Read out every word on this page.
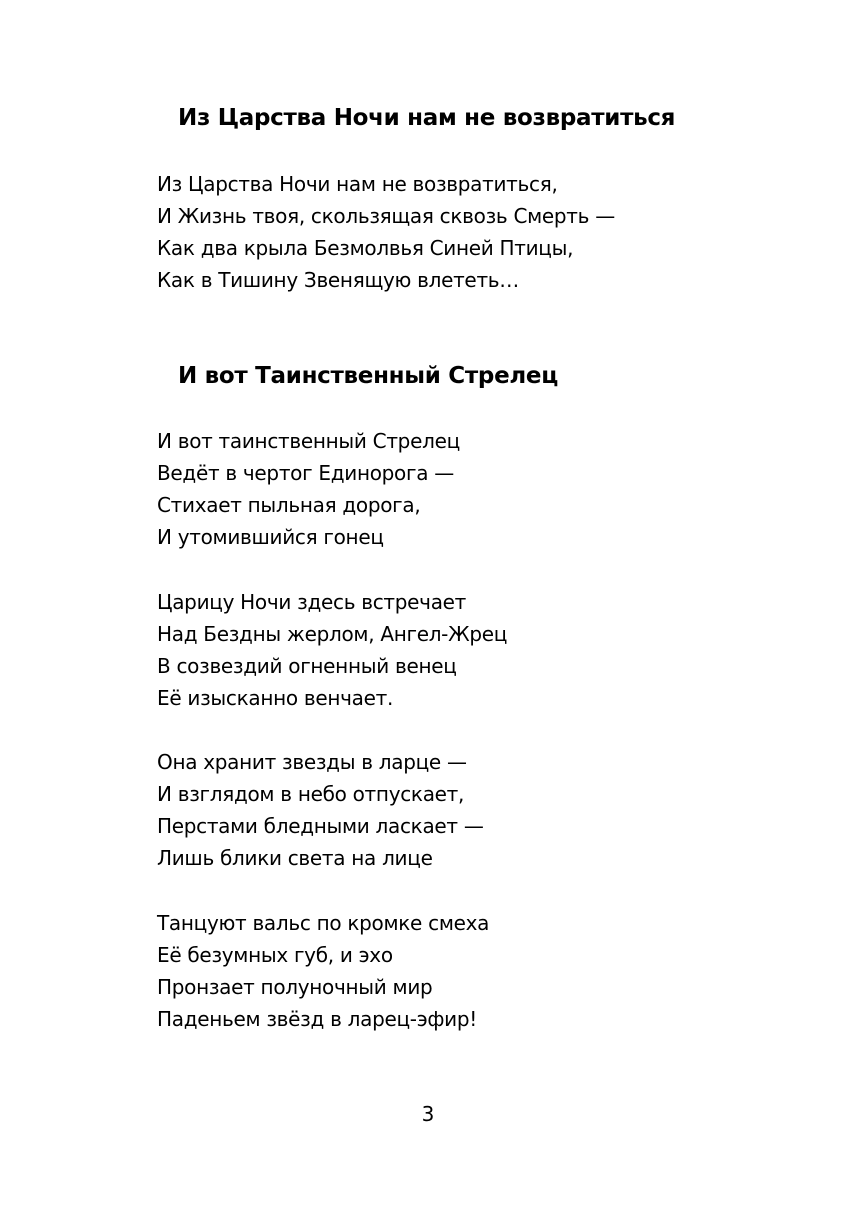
Из Царства Ночи нам не возвратиться
Из Царства Ночи нам не возвратиться,
И Жизнь твоя, скользящая сквозь Смерть —
Как два крыла Безмолвья Синей Птицы,
Как в Тишину Звенящую влететь…
И вот Таинственный Стрелец
И вот таинственный Стрелец
Ведёт в чертог Единорога —
Стихает пыльная дорога,
И утомившийся гонец
Царицу Ночи здесь встречает
Над Бездны жерлом, Ангел-Жрец
В созвездий огненный венец
Её изысканно венчает.
Она хранит звезды в ларце —
И взглядом в небо отпускает,
Перстами бледными ласкает —
Лишь блики света на лице
Танцуют вальс по кромке смеха
Её безумных губ, и эхо
Пронзает полуночный мир
Паденьем звёзд в ларец-эфир!
3
